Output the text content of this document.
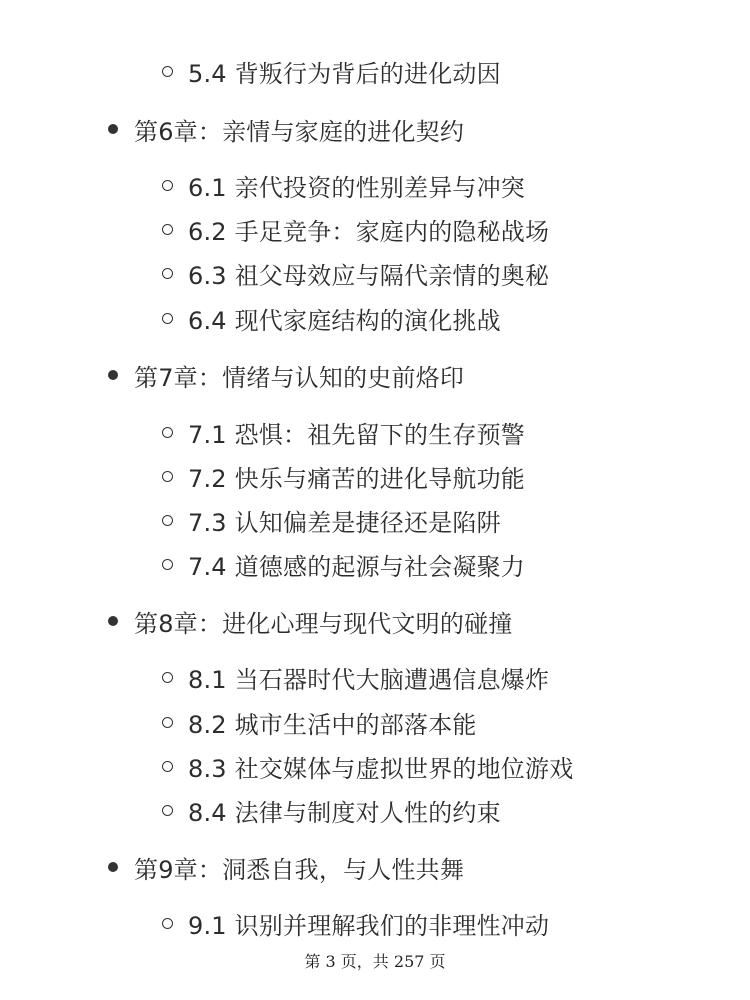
5.4 背叛行为背后的进化动因
第6章：亲情与家庭的进化契约
6.1 亲代投资的性别差异与冲突
6.2 手足竞争：家庭内的隐秘战场
6.3 祖父母效应与隔代亲情的奥秘
6.4 现代家庭结构的演化挑战
第7章：情绪与认知的史前烙印
7.1 恐惧：祖先留下的生存预警
7.2 快乐与痛苦的进化导航功能
7.3 认知偏差是捷径还是陷阱
7.4 道德感的起源与社会凝聚力
第8章：进化心理与现代文明的碰撞
8.1 当石器时代大脑遭遇信息爆炸
8.2 城市生活中的部落本能
8.3 社交媒体与虚拟世界的地位游戏
8.4 法律与制度对人性的约束
第9章：洞悉自我，与人性共舞
9.1 识别并理解我们的非理性冲动
第 3 页，共 257 页
